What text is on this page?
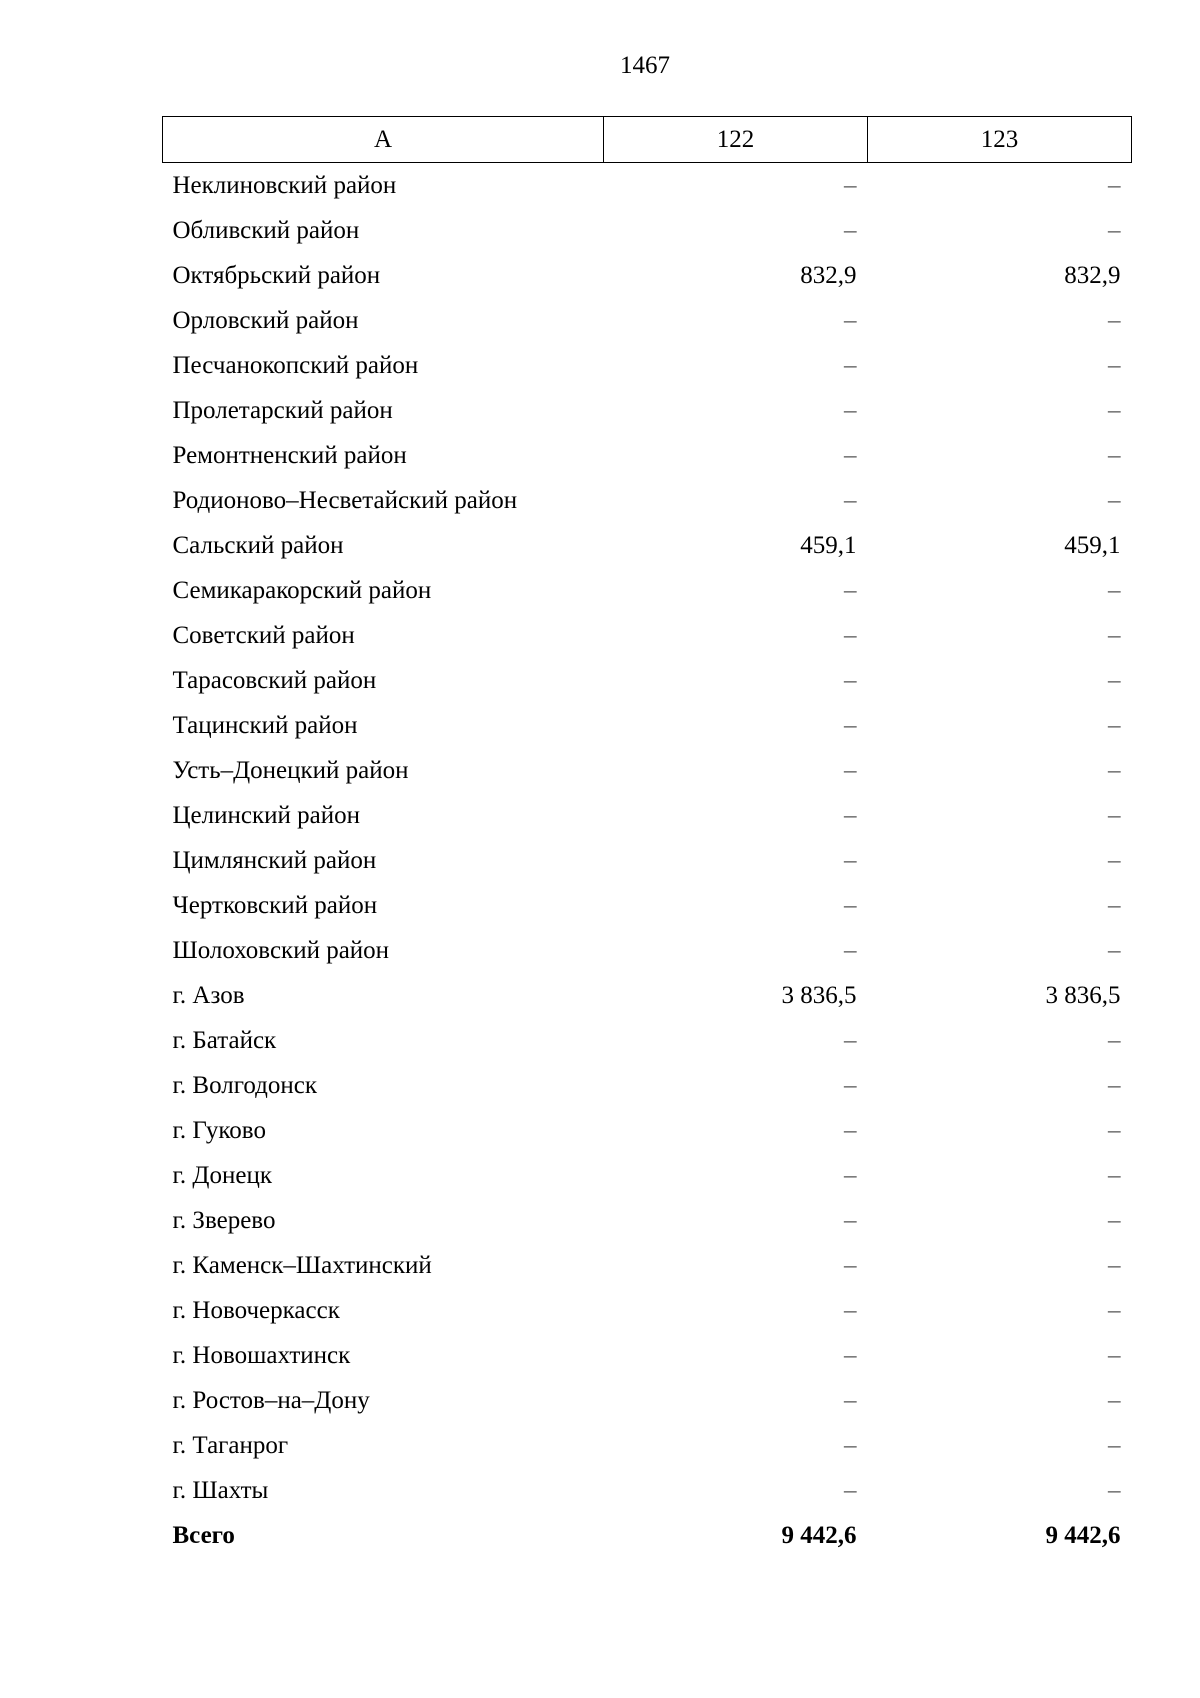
1467
А	122	123
Неклиновский район	–	–
Обливский район	–	–
Октябрьский район	832,9	832,9
Орловский район	–	–
Песчанокопский район	–	–
Пролетарский район	–	–
Ремонтненский район	–	–
Родионово–Несветайский район	–	–
Сальский район	459,1	459,1
Семикаракорский район	–	–
Советский район	–	–
Тарасовский район	–	–
Тацинский район	–	–
Усть–Донецкий район	–	–
Целинский район	–	–
Цимлянский район	–	–
Чертковский район	–	–
Шолоховский район	–	–
г. Азов	3 836,5	3 836,5
г. Батайск	–	–
г. Волгодонск	–	–
г. Гуково	–	–
г. Донецк	–	–
г. Зверево	–	–
г. Каменск–Шахтинский	–	–
г. Новочеркасск	–	–
г. Новошахтинск	–	–
г. Ростов–на–Дону	–	–
г. Таганрог	–	–
г. Шахты	–	–
Всего	9 442,6	9 442,6
